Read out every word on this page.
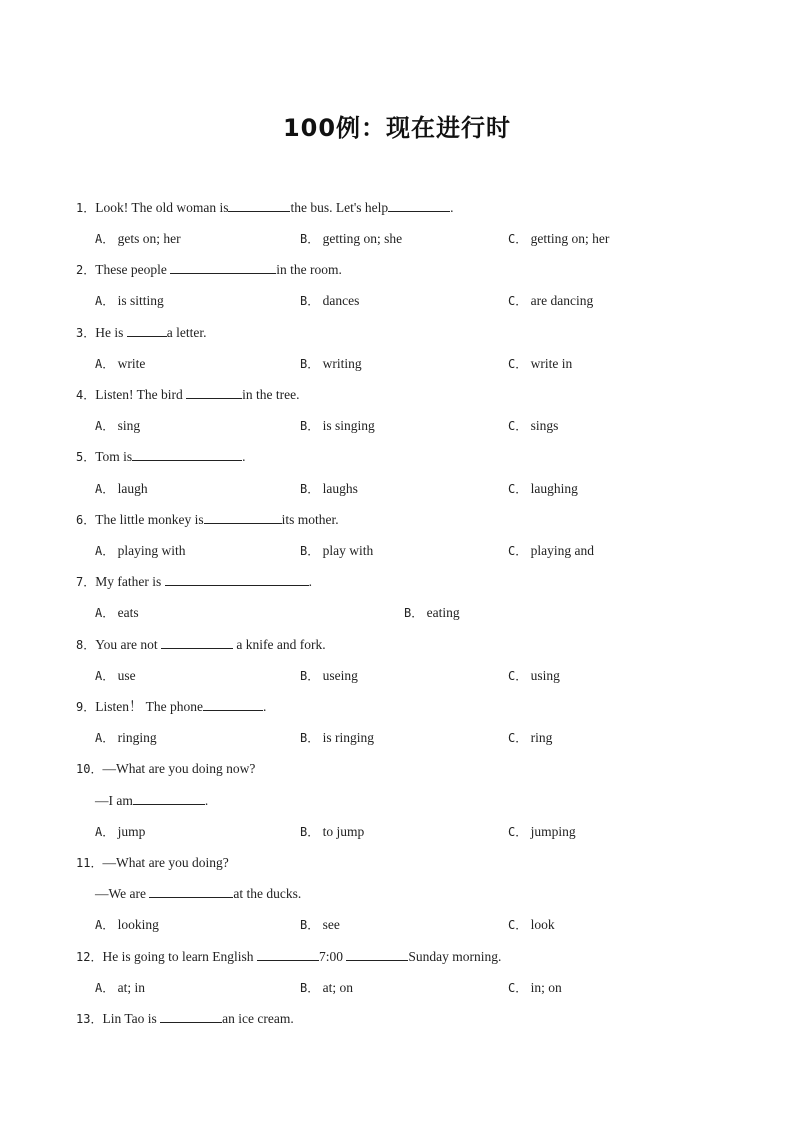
100例：现在进行时
1．Look! The old woman is	the bus. Let's help	.
A． gets on; her	B． getting on; she	C． getting on; her
2．These people	in the room.
A． is sitting	B． dances	C． are dancing
3．He is	a letter.
A． write	B． writing	C． write in
4．Listen! The bird	in the tree.
A． sing	B． is singing	C． sings
5．Tom is	.
A． laugh	B． laughs	C． laughing
6．The little monkey is	its mother.
A． playing with	B． play with	C． playing and
7．My father is	.
A． eats	B． eating
8．You are not	a knife and fork.
A． use	B． useing	C． using
9．Listen！ The phone	.
A． ringing	B． is ringing	C． ring
10．—What are you doing now?
—I am	.
A． jump	B． to jump	C． jumping
11．—What are you doing?
—We are	at the ducks.
A． looking	B． see	C． look
12．He is going to learn English	7:00	Sunday morning.
A． at; in	B． at; on	C． in; on
13．Lin Tao is	an ice cream.
